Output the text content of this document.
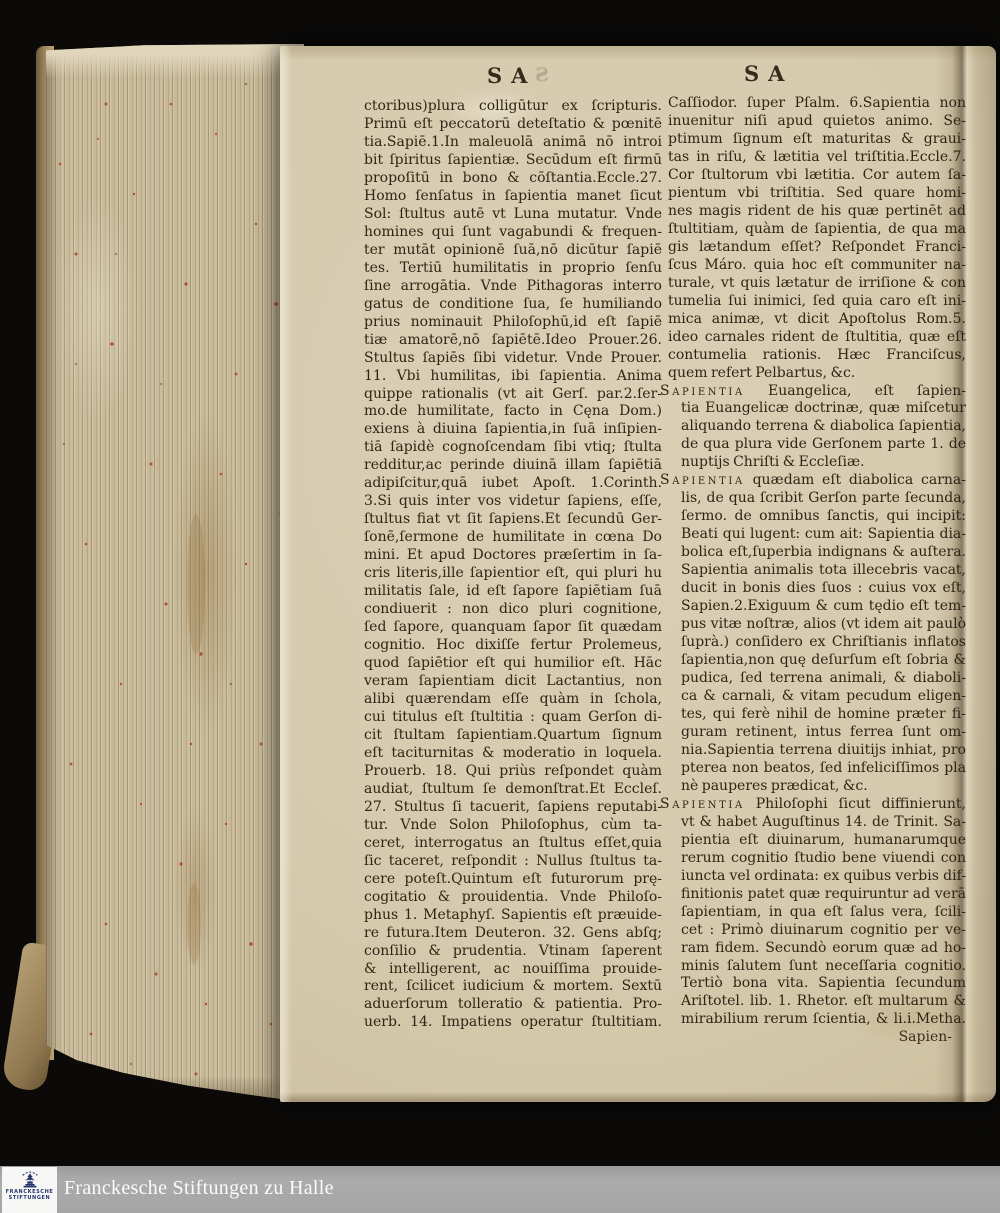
SA
S	SA
ctoribus)plura colligūtur ex ſcripturis.
Primū eſt peccatorū deteſtatio & pœnitē
tia.Sapiē.1.In maleuolā animā nō introi
bit ſpiritus ſapientiæ. Secūdum eſt firmū
propoſitū in bono & cōſtantia.Eccle.27.
Homo ſenſatus in ſapientia manet ſicut
Sol: ſtultus autē vt Luna mutatur. Vnde
homines qui ſunt vagabundi & frequen-
ter mutāt opinionē ſuā,nō dicūtur ſapiē
tes. Tertiū humilitatis in proprio ſenſu
ſine arrogātia. Vnde Pithagoras interro
gatus de conditione ſua, ſe humiliando
prius nominauit Philoſophū,id eſt ſapiē
tiæ amatorē,nō ſapiētē.Ideo Prouer.26.
Stultus ſapiēs ſibi videtur. Vnde Prouer.
11. Vbi humilitas, ibi ſapientia. Anima
quippe rationalis (vt ait Gerſ. par.2.ſer-
mo.de humilitate, facto in Cęna Dom.)
exiens à diuina ſapientia,in ſuā inſipien-
tiā ſapidè cognoſcendam ſibi vtiq; ſtulta
redditur,ac perinde diuinā illam ſapiētiā
adipiſcitur,quā iubet Apoſt. 1.Corinth.
3.Si quis inter vos videtur ſapiens, eſſe,
ſtultus fiat vt ſit ſapiens.Et ſecundū Ger-
ſonē,ſermone de humilitate in cœna Do
mini. Et apud Doctores præſertim in ſa-
cris literis,ille ſapientior eſt, qui pluri hu
militatis ſale, id eſt ſapore ſapiētiam ſuā
condiuerit : non dico pluri cognitione,
ſed ſapore, quanquam ſapor ſit quædam
cognitio. Hoc dixiſſe fertur Prolemeus,
quod ſapiētior eſt qui humilior eſt. Hāc
veram ſapientiam dicit Lactantius, non
alibi quærendam eſſe quàm in ſchola,
cui titulus eſt ſtultitia : quam Gerſon di-
cit ſtultam ſapientiam.Quartum ſignum
eſt taciturnitas & moderatio in loquela.
Prouerb. 18. Qui priùs reſpondet quàm
audiat, ſtultum ſe demonſtrat.Et Eccleſ.
27. Stultus ſi tacuerit, ſapiens reputabi-
tur. Vnde Solon Philoſophus, cùm ta-
ceret, interrogatus an ſtultus eſſet,quia
ſic taceret, reſpondit : Nullus ſtultus ta-
cere poteſt.Quintum eſt futurorum prę-
cogitatio & prouidentia. Vnde Philoſo-
phus 1. Metaphyſ. Sapientis eſt præuide-
re futura.Item Deuteron. 32. Gens abſq;
conſilio & prudentia. Vtinam ſaperent
& intelligerent, ac nouiſſima prouide-
rent, ſcilicet iudicium & mortem. Sextū
aduerſorum tolleratio & patientia. Pro-
uerb. 14. Impatiens operatur ſtultitiam.
Caſſiodor. ſuper Pſalm. 6.Sapientia non
inuenitur niſi apud quietos animo. Se-
ptimum ſignum eſt maturitas & graui-
tas in riſu, & lætitia vel triſtitia.Eccle.7.
Cor ſtultorum vbi lætitia. Cor autem ſa-
pientum vbi triſtitia. Sed quare homi-
nes magis rident de his quæ pertinēt ad
ſtultitiam, quàm de ſapientia, de qua ma
gis lætandum eſſet? Reſpondet Franci-
ſcus Máro. quia hoc eſt communiter na-
turale, vt quis lætatur de irriſione & con
tumelia ſui inimici, ſed quia caro eſt ini-
mica animæ, vt dicit Apoſtolus Rom.5.
ideo carnales rident de ſtultitia, quæ eſt
contumelia rationis. Hæc Franciſcus,
quem refert Pelbartus, &c.
Sapientia Euangelica, eſt ſapien-
tia Euangelicæ doctrinæ, quæ miſcetur
aliquando terrena & diabolica ſapientia,
de qua plura vide Gerſonem parte 1. de
nuptijs Chriſti & Eccleſiæ.
Sapientia quædam eſt diabolica carna-
lis, de qua ſcribit Gerſon parte ſecunda,
ſermo. de omnibus ſanctis, qui incipit:
Beati qui lugent: cum ait: Sapientia dia-
bolica eſt,ſuperbia indignans & auſtera.
Sapientia animalis tota illecebris vacat,
ducit in bonis dies ſuos : cuius vox eſt,
Sapien.2.Exiguum & cum tędio eſt tem-
pus vitæ noſtræ, alios (vt idem ait paulò
ſuprà.) conſidero ex Chriſtianis inflatos
ſapientia,non quę deſurſum eſt ſobria &
pudica, ſed terrena animali, & diaboli-
ca & carnali, & vitam pecudum eligen-
tes, qui ferè nihil de homine præter fi-
guram retinent, intus ferrea ſunt om-
nia.Sapientia terrena diuitijs inhiat, pro
pterea non beatos, ſed infeliciſſimos pla
nè pauperes prædicat, &c.
Sapientia Philoſophi ſicut diffinierunt,
vt & habet Auguſtinus 14. de Trinit. Sa-
pientia eſt diuinarum, humanarumque
rerum cognitio ſtudio bene viuendi con
iuncta vel ordinata: ex quibus verbis dif-
finitionis patet quæ requiruntur ad verā
ſapientiam, in qua eſt ſalus vera, ſcili-
cet : Primò diuinarum cognitio per ve-
ram fidem. Secundò eorum quæ ad ho-
minis ſalutem ſunt neceſſaria cognitio.
Tertiò bona vita. Sapientia ſecundum
Ariſtotel. lib. 1. Rhetor. eſt multarum &
mirabilium rerum ſcientia, & li.i.Metha.
Sapien-
Franckesche Stiftungen zu Halle
FRANCKESCHE
STIFTUNGEN
